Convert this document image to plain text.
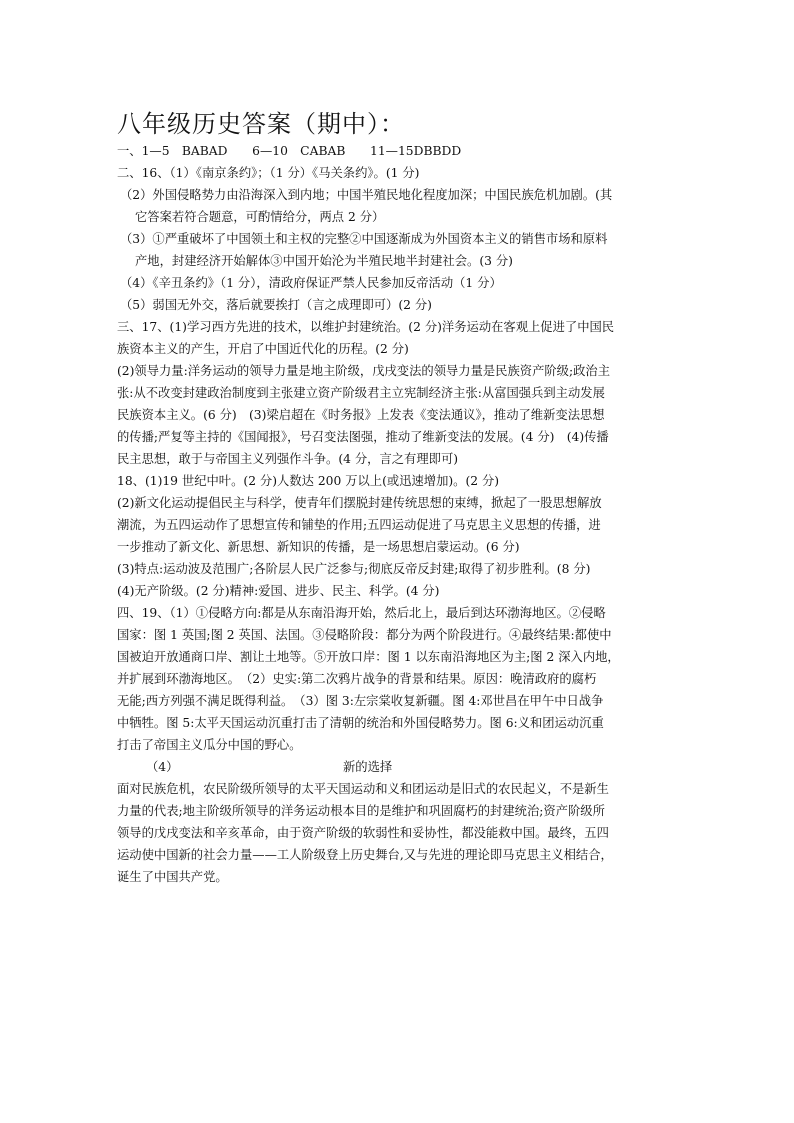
八年级历史答案（期中）：
一、1—5　BABAD　　6—10　CABAB　　11—15DBBDD
二、16、（1）《南京条约》；（1 分）《马关条约》。(1 分)
（2）外国侵略势力由沿海深入到内地；中国半殖民地化程度加深；中国民族危机加剧。(其
它答案若符合题意，可酌情给分，两点 2 分）
（3）①严重破坏了中国领土和主权的完整②中国逐渐成为外国资本主义的销售市场和原料
产地，封建经济开始解体③中国开始沦为半殖民地半封建社会。(3 分)
（4）《辛丑条约》（1 分），清政府保证严禁人民参加反帝活动（1 分）
（5）弱国无外交，落后就要挨打（言之成理即可）(2 分)
三、17、(1)学习西方先进的技术，以维护封建统治。(2 分)洋务运动在客观上促进了中国民
族资本主义的产生，开启了中国近代化的历程。(2 分)
(2)领导力量:洋务运动的领导力量是地主阶级，戊戌变法的领导力量是民族资产阶级;政治主
张:从不改变封建政治制度到主张建立资产阶级君主立宪制经济主张:从富国强兵到主动发展
民族资本主义。(6 分)　(3)梁启超在《时务报》上发表《变法通议》，推动了维新变法思想
的传播;严复等主持的《国闻报》，号召变法图强，推动了维新变法的发展。(4 分)　(4)传播
民主思想，敢于与帝国主义列强作斗争。(4 分，言之有理即可)
18、(1)19 世纪中叶。(2 分)人数达 200 万以上(或迅速增加)。(2 分)
(2)新文化运动提倡民主与科学，使青年们摆脱封建传统思想的束缚，掀起了一股思想解放
潮流，为五四运动作了思想宣传和铺垫的作用;五四运动促进了马克思主义思想的传播，进
一步推动了新文化、新思想、新知识的传播，是一场思想启蒙运动。(6 分)
(3)特点:运动波及范围广;各阶层人民广泛参与;彻底反帝反封建;取得了初步胜利。(8 分)
(4)无产阶级。(2 分)精神:爱国、进步、民主、科学。(4 分)
四、19、（1）①侵略方向:都是从东南沿海开始，然后北上，最后到达环渤海地区。②侵略
国家：图 1 英国;图 2 英国、法国。③侵略阶段：都分为两个阶段进行。④最终结果:都使中
国被迫开放通商口岸、割让土地等。⑤开放口岸：图 1 以东南沿海地区为主;图 2 深入内地，
并扩展到环渤海地区。　（2）史实:第二次鸦片战争的背景和结果。原因：晚清政府的腐朽
无能;西方列强不满足既得利益。　（3）图 3:左宗棠收复新疆。图 4:邓世昌在甲午中日战争
中牺牲。图 5:太平天国运动沉重打击了清朝的统治和外国侵略势力。图 6:义和团运动沉重
打击了帝国主义瓜分中国的野心。
（4）	新的选择
面对民族危机，农民阶级所领导的太平天国运动和义和团运动是旧式的农民起义，不是新生
力量的代表;地主阶级所领导的洋务运动根本目的是维护和巩固腐朽的封建统治;资产阶级所
领导的戊戌变法和辛亥革命，由于资产阶级的软弱性和妥协性，都没能救中国。最终，五四
运动使中国新的社会力量——工人阶级登上历史舞台,又与先进的理论即马克思主义相结合，
诞生了中国共产党。
